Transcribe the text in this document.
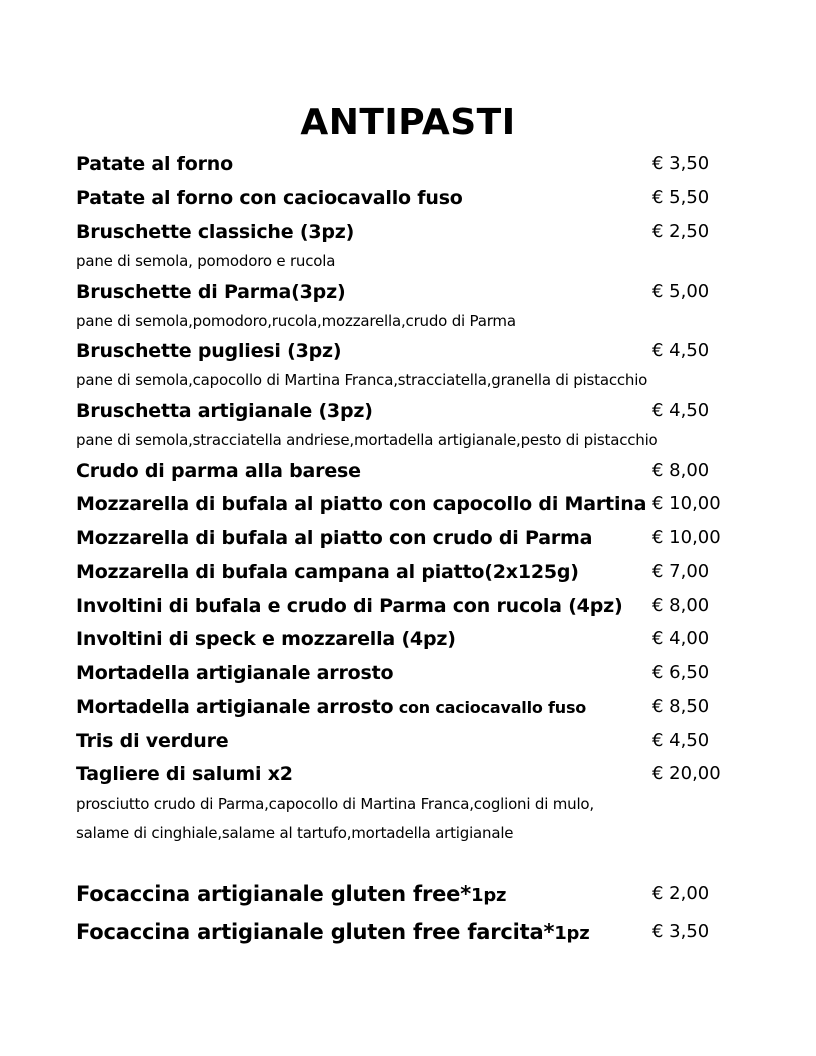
ANTIPASTI
Patate al forno	€ 3,50
Patate al forno con caciocavallo fuso	€ 5,50
Bruschette classiche (3pz)	€ 2,50
pane di semola, pomodoro e rucola
Bruschette di Parma(3pz)	€ 5,00
pane di semola,pomodoro,rucola,mozzarella,crudo di Parma
Bruschette pugliesi (3pz)	€ 4,50
pane di semola,capocollo di Martina Franca,stracciatella,granella di pistacchio
Bruschetta artigianale (3pz)	€ 4,50
pane di semola,stracciatella andriese,mortadella artigianale,pesto di pistacchio
Crudo di parma alla barese	€ 8,00
Mozzarella di bufala al piatto con capocollo di Martina € 10,00
Mozzarella di bufala al piatto con crudo di Parma	€ 10,00
Mozzarella di bufala campana al piatto(2x125g)	€ 7,00
Involtini di bufala e crudo di Parma con rucola (4pz) € 8,00
Involtini di speck e mozzarella (4pz)	€ 4,00
Mortadella artigianale arrosto	€ 6,50
Mortadella artigianale arrosto con caciocavallo fuso	€ 8,50
Tris di verdure	€ 4,50
Tagliere di salumi x2	€ 20,00
prosciutto crudo di Parma,capocollo di Martina Franca,coglioni di mulo,
salame di cinghiale,salame al tartufo,mortadella artigianale
Focaccina artigianale gluten free*1pz	€ 2,00
Focaccina artigianale gluten free farcita*1pz	€ 3,50
